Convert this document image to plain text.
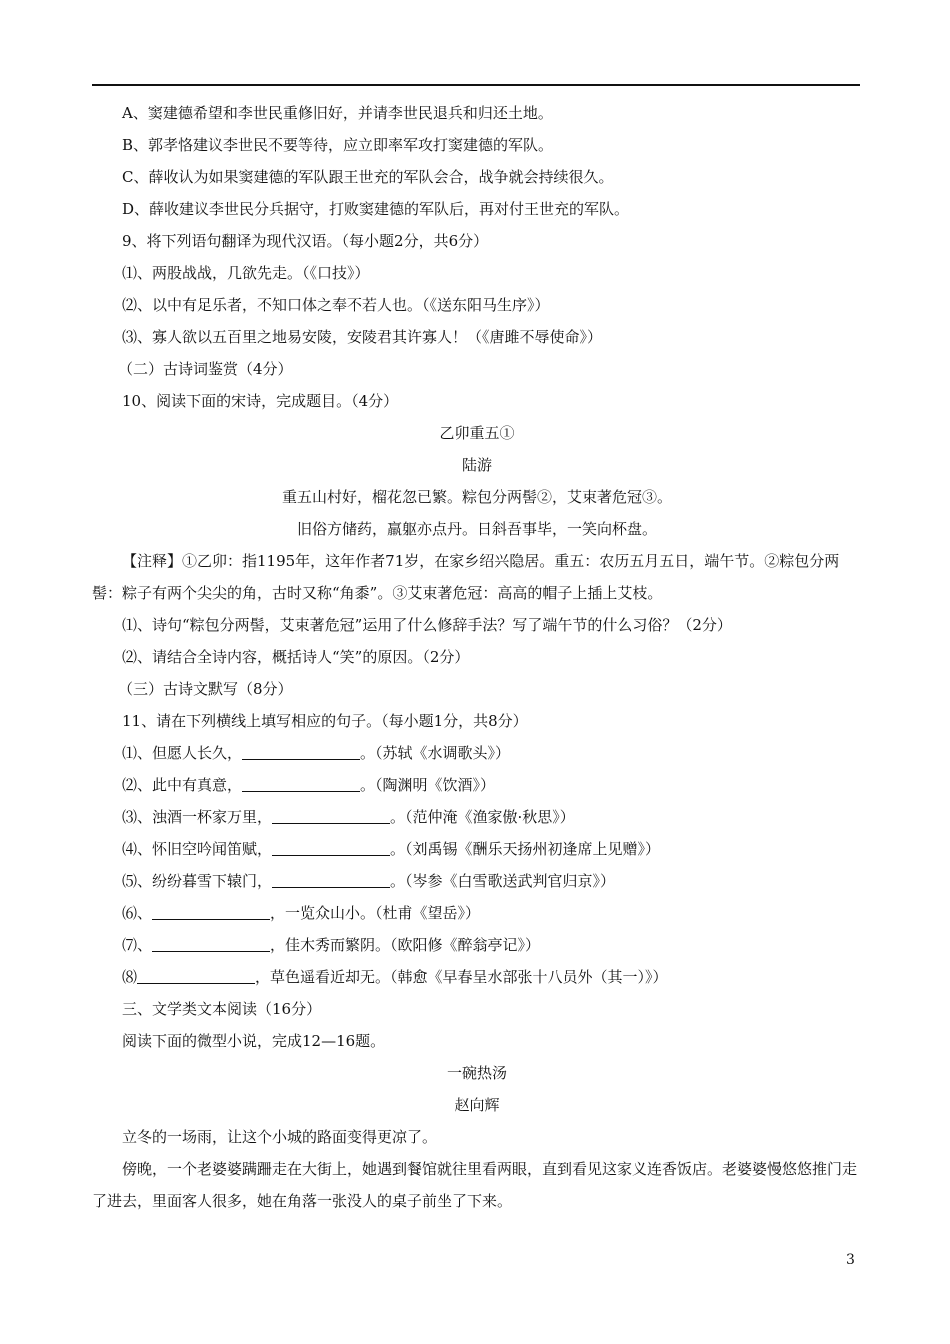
A、窦建德希望和李世民重修旧好，并请李世民退兵和归还土地。
B、郭孝恪建议李世民不要等待，应立即率军攻打窦建德的军队。
C、薛收认为如果窦建德的军队跟王世充的军队会合，战争就会持续很久。
D、薛收建议李世民分兵据守，打败窦建德的军队后，再对付王世充的军队。
9、将下列语句翻译为现代汉语。（每小题2分，共6分）
⑴、两股战战，几欲先走。（《口技》）
⑵、以中有足乐者，不知口体之奉不若人也。（《送东阳马生序》）
⑶、寡人欲以五百里之地易安陵，安陵君其许寡人！（《唐雎不辱使命》）
（二）古诗词鉴赏（4分）
10、阅读下面的宋诗，完成题目。（4分）
乙卯重五①
陆游
重五山村好，榴花忽已繁。粽包分两髻②，艾束著危冠③。
旧俗方储药，羸躯亦点丹。日斜吾事毕，一笑向杯盘。
【注释】①乙卯：指1195年，这年作者71岁，在家乡绍兴隐居。重五：农历五月五日，端午节。②粽包分两髻：粽子有两个尖尖的角，古时又称“角黍”。③艾束著危冠：高高的帽子上插上艾枝。
⑴、诗句“粽包分两髻，艾束著危冠”运用了什么修辞手法？写了端午节的什么习俗？（2分）
⑵、请结合全诗内容，概括诗人“笑”的原因。（2分）
（三）古诗文默写（8分）
11、请在下列横线上填写相应的句子。（每小题1分，共8分）
⑴、但愿人长久，	。（苏轼《水调歌头》）
⑵、此中有真意，	。（陶渊明《饮酒》）
⑶、浊酒一杯家万里，	。（范仲淹《渔家傲·秋思》）
⑷、怀旧空吟闻笛赋，	。（刘禹锡《酬乐天扬州初逢席上见赠》）
⑸、纷纷暮雪下辕门，	。（岑参《白雪歌送武判官归京》）
⑹、	，一览众山小。（杜甫《望岳》）
⑺、	，佳木秀而繁阴。（欧阳修《醉翁亭记》）
⑻	，草色遥看近却无。（韩愈《早春呈水部张十八员外（其一）》）
三、文学类文本阅读（16分）
阅读下面的微型小说，完成12—16题。
一碗热汤
赵向辉
立冬的一场雨，让这个小城的路面变得更凉了。
傍晚，一个老婆婆蹒跚走在大街上，她遇到餐馆就往里看两眼，直到看见这家义连香饭店。老婆婆慢悠悠推门走了进去，里面客人很多，她在角落一张没人的桌子前坐了下来。
3
